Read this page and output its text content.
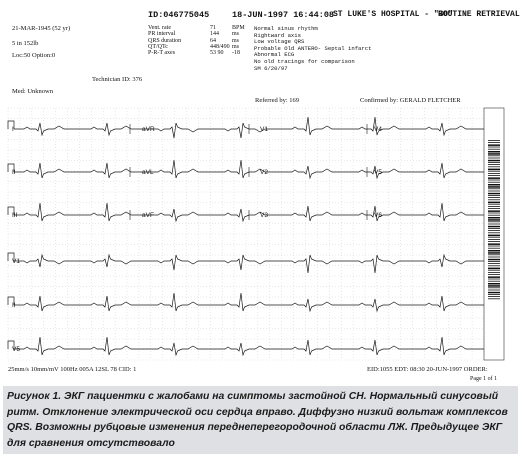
ID:046775045	18-JUN-1997 16:44:08
ST LUKE'S HOSPITAL - "30"
ROUTINE RETRIEVAL
21-MAR-1945 (52 yr)
5 in 152lb
Loc:50 Option:0
Vent. rate	71	BPM
PR interval	144 ms
QRS duration	64	ms
QT/QTc	448/490 ms
P-R-T axes	53 90 -18
Normal sinus rhythm
Rightward axis
Low voltage QRS
Probable Old ANTERO- Septal infarct
Abnormal ECG
No old tracings for comparison
SM 6/20/97
Technician ID: 376
Med: Unknown
Referred by: 169	Confirmed by: GERALD FLETCHER
I	aVR	V1	V4
II	aVL	V2	V5
III	aVF	V3	V6
V1
II
V5
25mm/s 10mm/mV 100Hz 005A 12SL 78 CID: 1	EID:1055 EDT: 08:30 20-JUN-1997 ORDER:
Page 1 of 1

Рисунок 1. ЭКГ пациентки с жалобами на симптомы застойной СН. Нормальный синусовый ритм. Отклонение электрической оси сердца вправо. Диффузно низкий вольтаж комплексов QRS. Возможны рубцовые изменения переднеперегородочной области ЛЖ. Предыдущее ЭКГ для сравнения отсутствовало
